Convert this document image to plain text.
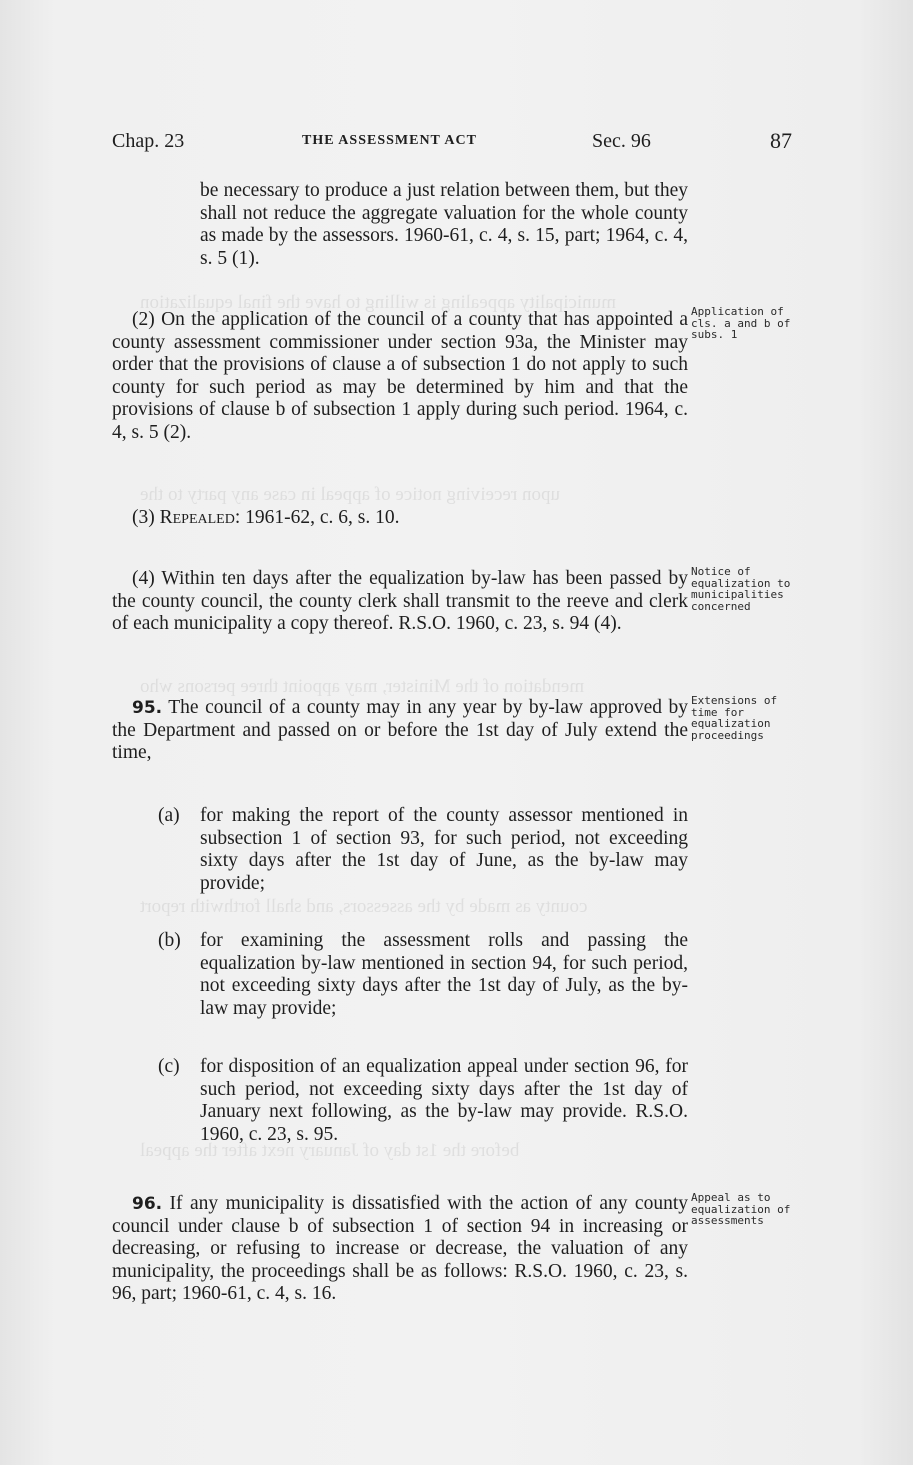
municipality appealing is willing to have the final equalization
upon receiving notice of appeal in case any party to the
mendation of the Minister, may appoint three persons who
county as made by the assessors, and shall forthwith report
before the 1st day of January next after the appeal
Chap. 23	THE ASSESSMENT ACT	Sec. 96	87

be necessary to produce a just relation between them, but they shall not reduce the aggregate valuation for the whole county as made by the assessors. 1960-61, c. 4, s. 15, part; 1964, c. 4, s. 5 (1).

(2) On the application of the council of a county that has appointed a county assessment commissioner under section 93a, the Minister may order that the provisions of clause a of subsection 1 do not apply to such county for such period as may be determined by him and that the provisions of clause b of subsection 1 apply during such period. 1964, c. 4, s. 5 (2).

Application of cls. a and b of subs. 1

(3) Repealed: 1961-62, c. 6, s. 10.

(4) Within ten days after the equalization by-law has been passed by the county council, the county clerk shall transmit to the reeve and clerk of each municipality a copy thereof. R.S.O. 1960, c. 23, s. 94 (4).

Notice of equalization to municipalities concerned

95. The council of a county may in any year by by-law approved by the Department and passed on or before the 1st day of July extend the time,

Extensions of time for equalization proceedings

(a) for making the report of the county assessor mentioned in subsection 1 of section 93, for such period, not exceeding sixty days after the 1st day of June, as the by-law may provide;

(b) for examining the assessment rolls and passing the equalization by-law mentioned in section 94, for such period, not exceeding sixty days after the 1st day of July, as the by-law may provide;

(c) for disposition of an equalization appeal under section 96, for such period, not exceeding sixty days after the 1st day of January next following, as the by-law may provide. R.S.O. 1960, c. 23, s. 95.

96. If any municipality is dissatisfied with the action of any county council under clause b of subsection 1 of section 94 in increasing or decreasing, or refusing to increase or decrease, the valuation of any municipality, the proceedings shall be as follows: R.S.O. 1960, c. 23, s. 96, part; 1960-61, c. 4, s. 16.

Appeal as to equalization of assessments
